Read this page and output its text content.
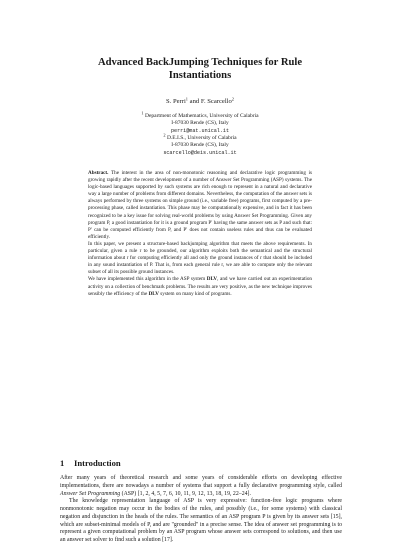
Advanced BackJumping Techniques for Rule
Instantiations
S. Perri$^1$ and F. Scarcello$^2$
$^1$ Department of Mathematics, University of Calabria
I-87030 Rende (CS), Italy
perri@mat.unical.it
$^2$ D.E.I.S., University of Calabria
I-87030 Rende (CS), Italy
scarcello@deis.unical.it

Abstract. The interest in the area of non-monotonic reasoning and declarative logic programming is growing rapidly after the recent development of a number of Answer Set Programming (ASP) systems. The logic-based languages supported by such systems are rich enough to represent in a natural and declarative way a large number of problems from different domains. Nevertheless, the computation of the answer sets is always performed by three systems on simple ground (i.e., variable free) programs, first computed by a pre-processing phase, called instantiation. This phase may be computationally expensive, and in fact it has been recognized to be a key issue for solving real-world problems by using Answer Set Programming. Given any program P, a good instantiation for it is a ground program P′ having the same answer sets as P and such that: P′ can be computed efficiently from P, and P′ does not contain useless rules and thus can be evaluated efficiently.

In this paper, we present a structure-based backjumping algorithm that meets the above requirements. In particular, given a rule r to be grounded, our algorithm exploits both the semantical and the structural information about r for computing efficiently all and only the ground instances of r that should be included in any sound instantiation of P. That is, from each general rule r, we are able to compute only the relevant subset of all its possible ground instances.

We have implemented this algorithm in the ASP system DLV, and we have carried out an experimentation activity on a collection of benchmark problems. The results are very positive, as the new technique improves sensibly the efficiency of the DLV system on many kind of programs.

1 Introduction

After many years of theoretical research and some years of considerable efforts on developing effective implementations, there are nowadays a number of systems that support a fully declarative programming style, called Answer Set Programming (ASP) [1, 2, 4, 5, 7, 6, 10, 11, 9, 12, 13, 18, 19, 22–24].

The knowledge representation language of ASP is very expressive: function-free logic programs where nonmonotonic negation may occur in the bodies of the rules, and possibly (i.e., for some systems) with classical negation and disjunction in the heads of the rules. The semantics of an ASP program P is given by its answer sets [15], which are subset-minimal models of P, and are "grounded" in a precise sense. The idea of answer set programming is to represent a given computational problem by an ASP program whose answer sets correspond to solutions, and then use an answer set solver to find such a solution [17].
